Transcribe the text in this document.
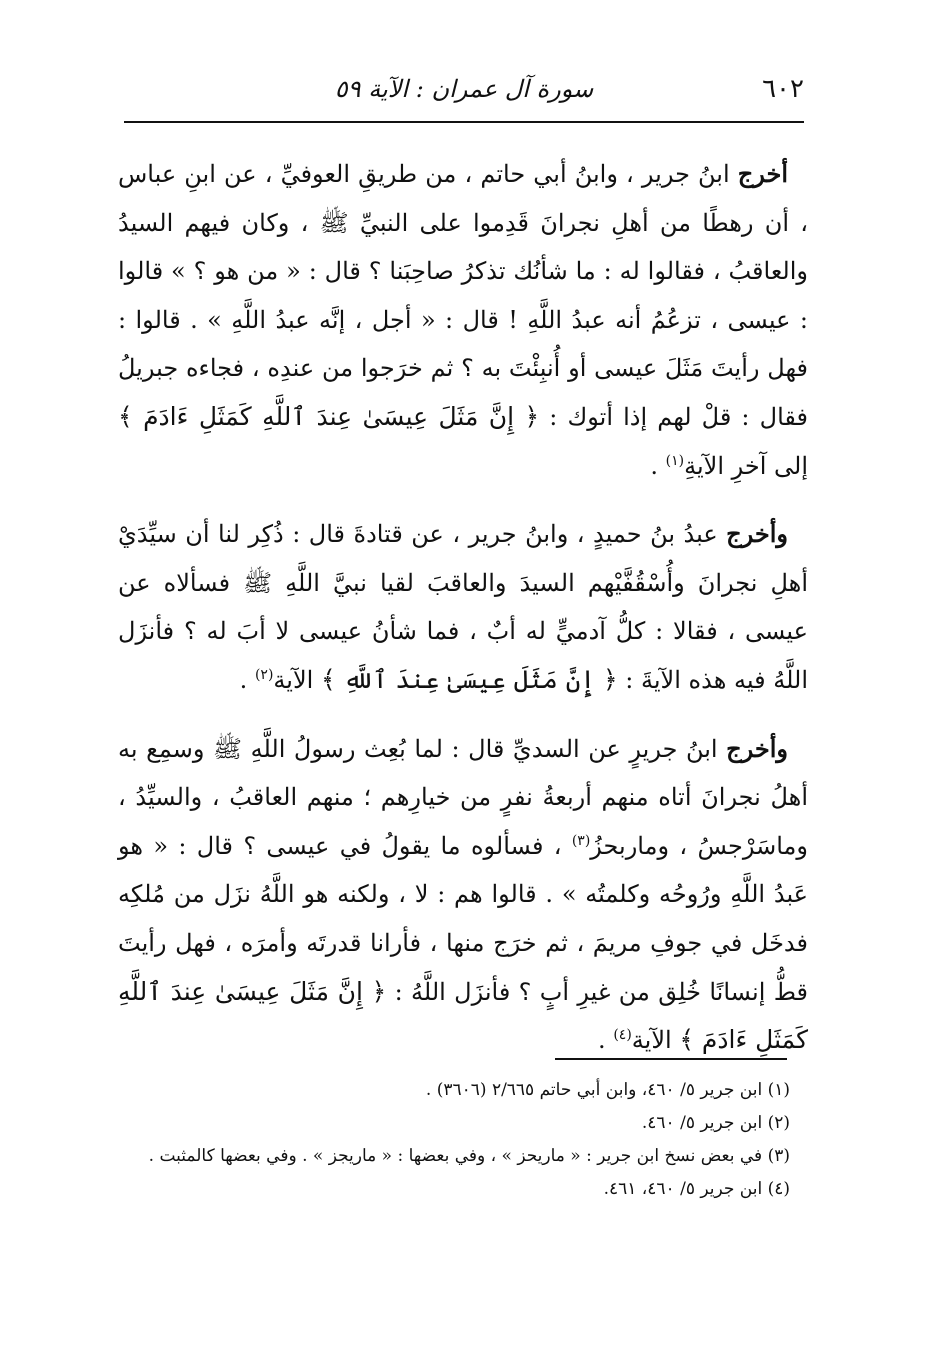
٦٠٢
سورة آل عمران : الآية ٥٩

أخرج ابنُ جرير ، وابنُ أبي حاتم ، من طريقِ العوفيِّ ، عن ابنِ عباس ، أن رهطًا من أهلِ نجرانَ قَدِموا على النبيِّ ﷺ ، وكان فيهم السيدُ والعاقبُ ، فقالوا له : ما شأنُك تذكرُ صاحِبَنا ؟ قال : « من هو ؟ » قالوا : عيسى ، تزعُمُ أنه عبدُ اللَّهِ ! قال : « أجل ، إنَّه عبدُ اللَّهِ » . قالوا : فهل رأيتَ مَثَلَ عيسى أو أُنبِئْتَ به ؟ ثم خرَجوا من عندِه ، فجاءه جبريلُ فقال : قلْ لهم إذا أتوك : ﴿ إِنَّ مَثَلَ عِيسَىٰ عِندَ ٱللَّهِ كَمَثَلِ ءَادَمَ ﴾ إلى آخرِ الآيةِ$^{(١)}$ .

وأخرج عبدُ بنُ حميدٍ ، وابنُ جرير ، عن قتادةَ قال : ذُكِر لنا أن سيِّدَيْ أهلِ نجرانَ وأُسْقُفَّيْهم السيدَ والعاقبَ لقيا نبيَّ اللَّهِ ﷺ فسألاه عن عيسى ، فقالا : كلُّ آدميٍّ له أبٌ ، فما شأنُ عيسى لا أبَ له ؟ فأنزَل اللَّهُ فيه هذه الآيةَ : ﴿ إِنَّ مَثَلَ عِيسَىٰ عِندَ ٱللَّهِ ﴾ الآية$^{(٢)}$ .

وأخرج ابنُ جريرٍ عن السديِّ قال : لما بُعِث رسولُ اللَّهِ ﷺ وسمِع به أهلُ نجرانَ أتاه منهم أربعةُ نفرٍ من خيارِهم ؛ منهم العاقبُ ، والسيِّدُ ، وماسَرْجسُ ، وماربحزُ$^{(٣)}$ ، فسألوه ما يقولُ في عيسى ؟ قال : « هو عَبدُ اللَّهِ ورُوحُه وكلمتُه » . قالوا هم : لا ، ولكنه هو اللَّهُ نزَل من مُلكِه فدخَل في جوفِ مريمَ ، ثم خرَج منها ، فأرانا قدرتَه وأمرَه ، فهل رأيتَ قطُّ إنسانًا خُلِق من غيرِ أبٍ ؟ فأنزَل اللَّهُ : ﴿ إِنَّ مَثَلَ عِيسَىٰ عِندَ ٱللَّهِ كَمَثَلِ ءَادَمَ ﴾ الآية$^{(٤)}$ .

(١) ابن جرير ٥/ ٤٦٠، وابن أبي حاتم ٢/٦٦٥ (٣٦٠٦) .

(٢) ابن جرير ٥/ ٤٦٠.

(٣) في بعض نسخ ابن جرير : « ماريحز » ، وفي بعضها : « ماريجز » . وفي بعضها كالمثبت .

(٤) ابن جرير ٥/ ٤٦٠، ٤٦١.
